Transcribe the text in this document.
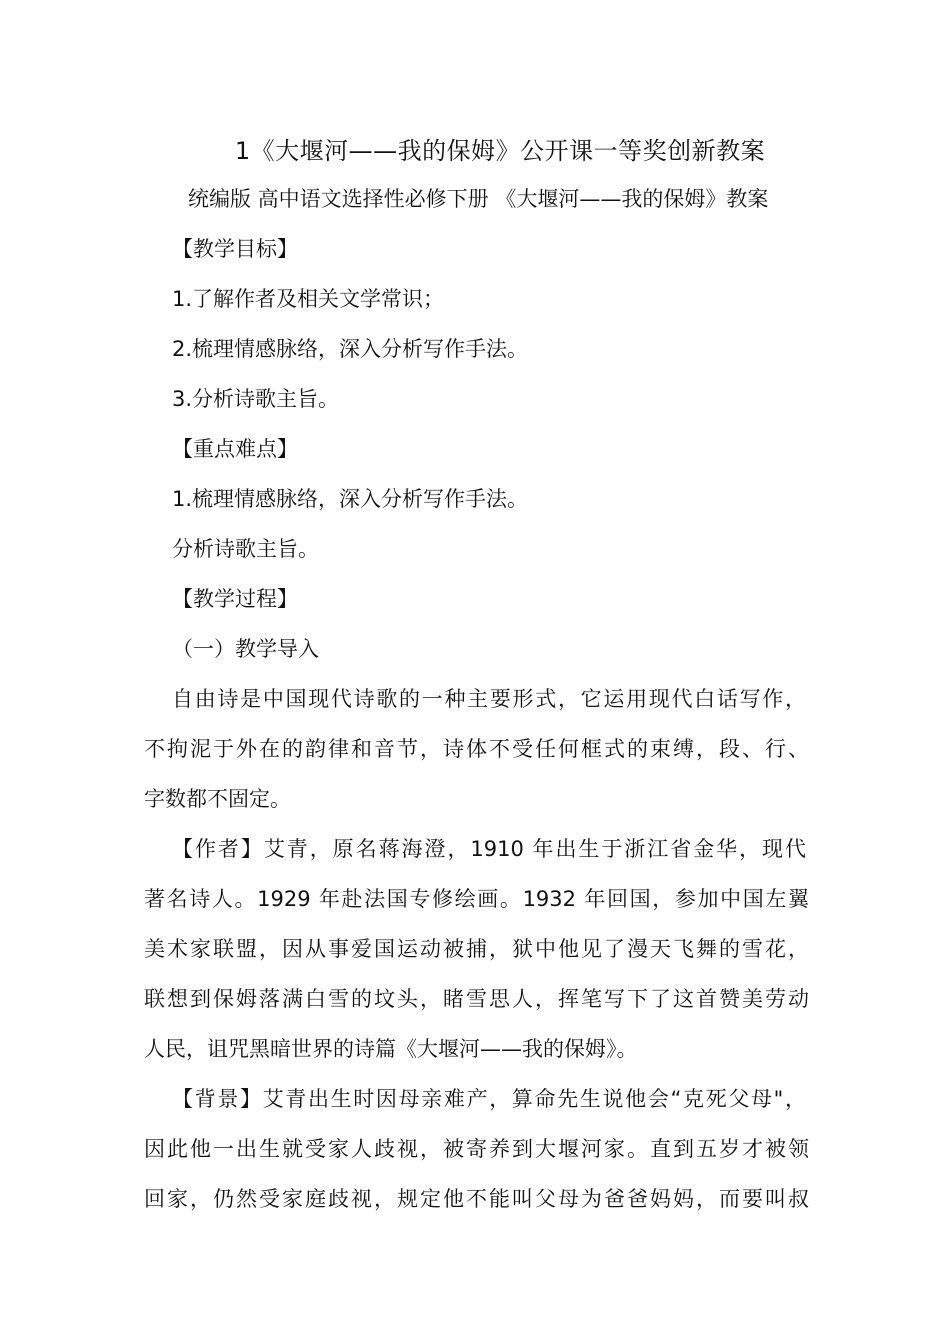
1《大堰河——我的保姆》公开课一等奖创新教案
统编版 高中语文选择性必修下册 《大堰河——我的保姆》教案
【教学目标】
1.了解作者及相关文学常识；
2.梳理情感脉络，深入分析写作手法。
3.分析诗歌主旨。
【重点难点】
1.梳理情感脉络，深入分析写作手法。
分析诗歌主旨。
【教学过程】
（一）教学导入
自由诗是中国现代诗歌的一种主要形式，它运用现代白话写作，
不拘泥于外在的韵律和音节，诗体不受任何框式的束缚，段、行、
字数都不固定。
【作者】艾青，原名蒋海澄，1910 年出生于浙江省金华，现代
著名诗人。1929 年赴法国专修绘画。1932 年回国，参加中国左翼
美术家联盟，因从事爱国运动被捕，狱中他见了漫天飞舞的雪花，
联想到保姆落满白雪的坟头，睹雪思人，挥笔写下了这首赞美劳动
人民，诅咒黑暗世界的诗篇《大堰河——我的保姆》。
【背景】艾青出生时因母亲难产，算命先生说他会“克死父母"，
因此他一出生就受家人歧视，被寄养到大堰河家。直到五岁才被领
回家，仍然受家庭歧视，规定他不能叫父母为爸爸妈妈，而要叫叔
